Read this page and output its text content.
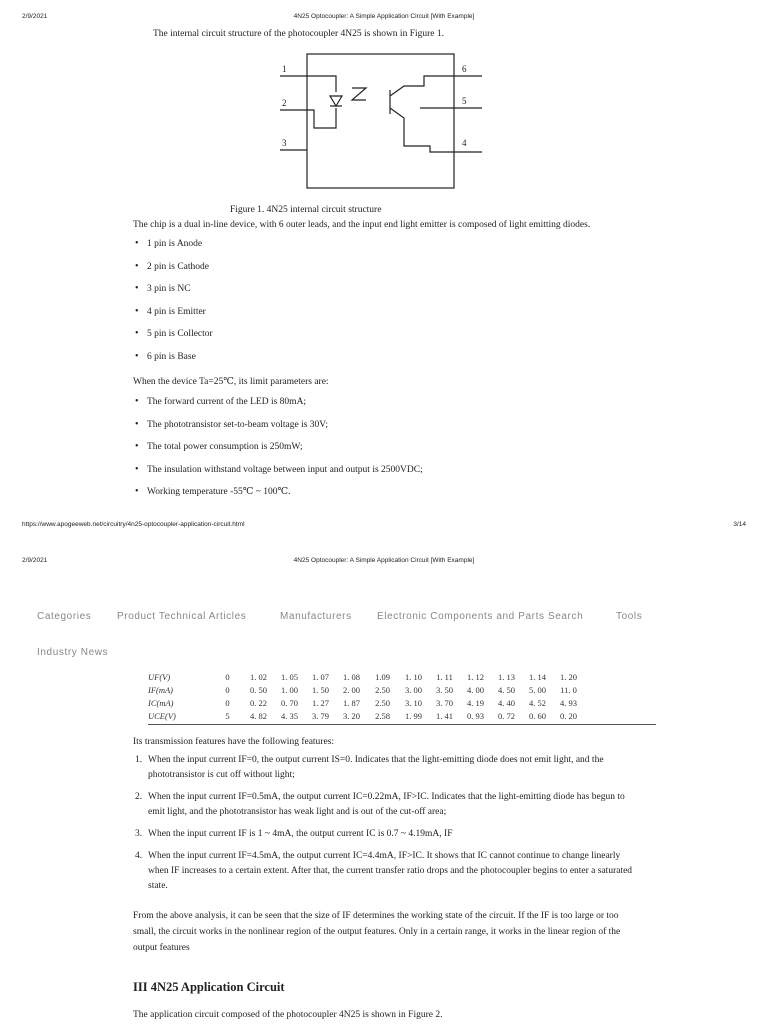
2/9/2021	4N25 Optocoupler: A Simple Application Circuit [With Example]
The internal circuit structure of the photocoupler 4N25 is shown in Figure 1.
1
2
3
6
5
4
Figure 1. 4N25 internal circuit structure
The chip is a dual in-line device, with 6 outer leads, and the input end light emitter is composed of light emitting diodes.
• 1 pin is Anode
• 2 pin is Cathode
• 3 pin is NC
• 4 pin is Emitter
• 5 pin is Collector
• 6 pin is Base
When the device Ta=25℃, its limit parameters are:
• The forward current of the LED is 80mA;
• The phototransistor set-to-beam voltage is 30V;
• The total power consumption is 250mW;
• The insulation withstand voltage between input and output is 2500VDC;
• Working temperature -55℃ ~ 100℃.
https://www.apogeeweb.net/circuitry/4n25-optocoupler-application-circuit.html	3/14
2/9/2021	4N25 Optocoupler: A Simple Application Circuit [With Example]
Categories	Product Technical Articles	Manufacturers	Electronic Components and Parts Search	Tools
Industry News
UF(V)	0	1. 02	1. 05	1. 07	1. 08	1.09	1. 10	1. 11	1. 12	1. 13	1. 14	1. 20
IF(mA)	0	0. 50	1. 00	1. 50	2. 00	2.50	3. 00	3. 50	4. 00	4. 50	5. 00	11. 0
IC(mA)	0	0. 22	0. 70	1. 27	1. 87	2.50	3. 10	3. 70	4. 19	4. 40	4. 52	4. 93
UCE(V)	5	4. 82	4. 35	3. 79	3. 20	2.58	1. 99	1. 41	0. 93	0. 72	0. 60	0. 20
Its transmission features have the following features:
1. When the input current IF=0, the output current IS=0. Indicates that the light-emitting diode does not emit light, and the phototransistor is cut off without light;
2. When the input current IF=0.5mA, the output current IC=0.22mA, IF>IC. Indicates that the light-emitting diode has begun to emit light, and the phototransistor has weak light and is out of the cut-off area;
3. When the input current IF is 1 ~ 4mA, the output current IC is 0.7 ~ 4.19mA, IF
4. When the input current IF=4.5mA, the output current IC=4.4mA, IF>IC. It shows that IC cannot continue to change linearly when IF increases to a certain extent. After that, the current transfer ratio drops and the photocoupler begins to enter a saturated state.
From the above analysis, it can be seen that the size of IF determines the working state of the circuit. If the IF is too large or too small, the circuit works in the nonlinear region of the output features. Only in a certain range, it works in the linear region of the output features
III 4N25 Application Circuit
The application circuit composed of the photocoupler 4N25 is shown in Figure 2.
